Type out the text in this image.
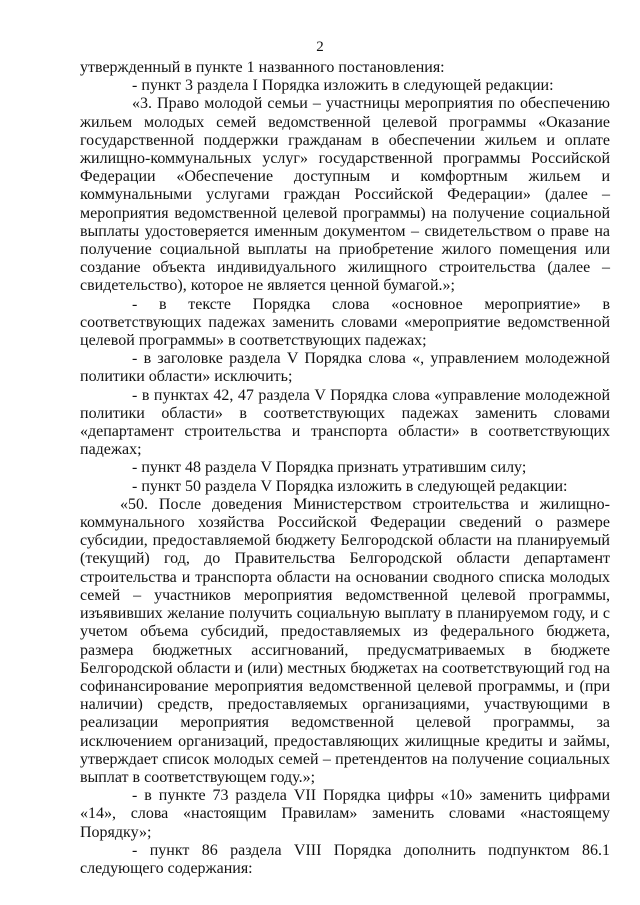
2

утвержденный в пункте 1 названного постановления:

- пункт 3 раздела I Порядка изложить в следующей редакции:

«3. Право молодой семьи – участницы мероприятия по обеспечению жильем молодых семей ведомственной целевой программы «Оказание государственной поддержки гражданам в обеспечении жильем и оплате жилищно-коммунальных услуг» государственной программы Российской Федерации «Обеспечение доступным и комфортным жильем и коммунальными услугами граждан Российской Федерации» (далее – мероприятия ведомственной целевой программы) на получение социальной выплаты удостоверяется именным документом – свидетельством о праве на получение социальной выплаты на приобретение жилого помещения или создание объекта индивидуального жилищного строительства (далее – свидетельство), которое не является ценной бумагой.»;

- в тексте Порядка слова «основное мероприятие» в соответствующих падежах заменить словами «мероприятие ведомственной целевой программы» в соответствующих падежах;

- в заголовке раздела V Порядка слова «, управлением молодежной политики области» исключить;

- в пунктах 42, 47 раздела V Порядка слова «управление молодежной политики области» в соответствующих падежах заменить словами «департамент строительства и транспорта области» в соответствующих падежах;

- пункт 48 раздела V Порядка признать утратившим силу;

- пункт 50 раздела V Порядка изложить в следующей редакции:

«50. После доведения Министерством строительства и жилищно-коммунального хозяйства Российской Федерации сведений о размере субсидии, предоставляемой бюджету Белгородской области на планируемый (текущий) год, до Правительства Белгородской области департамент строительства и транспорта области на основании сводного списка молодых семей – участников мероприятия ведомственной целевой программы, изъявивших желание получить социальную выплату в планируемом году, и с учетом объема субсидий, предоставляемых из федерального бюджета, размера бюджетных ассигнований, предусматриваемых в бюджете Белгородской области и (или) местных бюджетах на соответствующий год на софинансирование мероприятия ведомственной целевой программы, и (при наличии) средств, предоставляемых организациями, участвующими в реализации мероприятия ведомственной целевой программы, за исключением организаций, предоставляющих жилищные кредиты и займы, утверждает список молодых семей – претендентов на получение социальных выплат в соответствующем году.»;

- в пункте 73 раздела VII Порядка цифры «10» заменить цифрами «14», слова «настоящим Правилам» заменить словами «настоящему Порядку»;

- пункт 86 раздела VIII Порядка дополнить подпунктом 86.1 следующего содержания:
